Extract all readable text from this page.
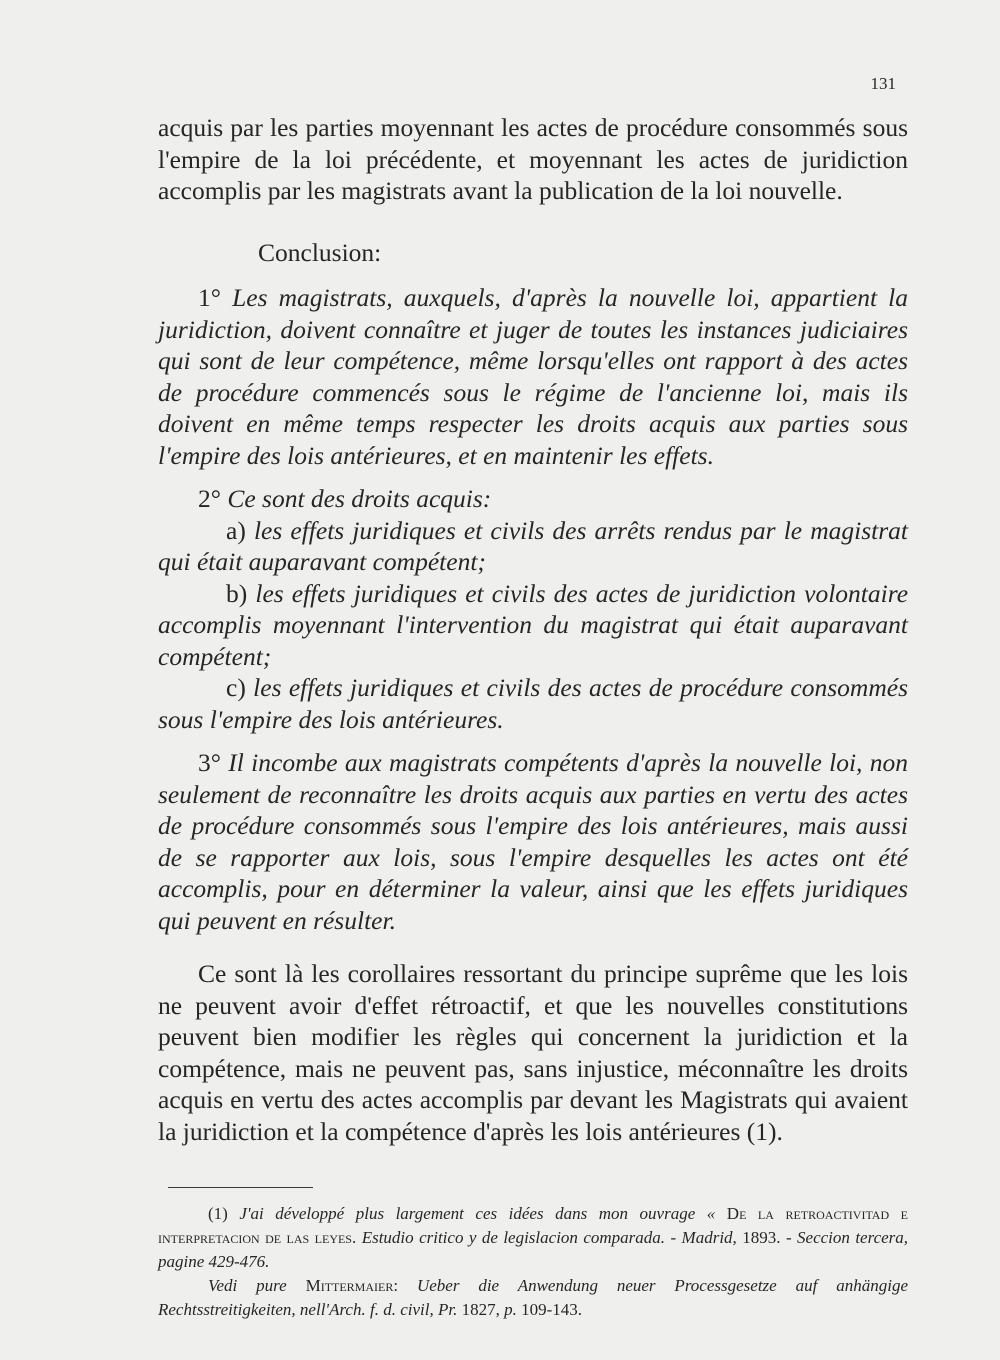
131

acquis par les parties moyennant les actes de procédure consommés sous l'empire de la loi précédente, et moyennant les actes de juridiction accomplis par les magistrats avant la publication de la loi nouvelle.

Conclusion:

1° Les magistrats, auxquels, d'après la nouvelle loi, appartient la juridiction, doivent connaître et juger de toutes les instances judiciaires qui sont de leur compétence, même lorsqu'elles ont rapport à des actes de procédure commencés sous le régime de l'ancienne loi, mais ils doivent en même temps respecter les droits acquis aux parties sous l'empire des lois antérieures, et en maintenir les effets.

2° Ce sont des droits acquis:

a) les effets juridiques et civils des arrêts rendus par le magistrat qui était auparavant compétent;

b) les effets juridiques et civils des actes de juridiction volontaire accomplis moyennant l'intervention du magistrat qui était auparavant compétent;

c) les effets juridiques et civils des actes de procédure consommés sous l'empire des lois antérieures.

3° Il incombe aux magistrats compétents d'après la nouvelle loi, non seulement de reconnaître les droits acquis aux parties en vertu des actes de procédure consommés sous l'empire des lois antérieures, mais aussi de se rapporter aux lois, sous l'empire desquelles les actes ont été accomplis, pour en déterminer la valeur, ainsi que les effets juridiques qui peuvent en résulter.

Ce sont là les corollaires ressortant du principe suprême que les lois ne peuvent avoir d'effet rétroactif, et que les nouvelles constitutions peuvent bien modifier les règles qui concernent la juridiction et la compétence, mais ne peuvent pas, sans injustice, méconnaître les droits acquis en vertu des actes accomplis par devant les Magistrats qui avaient la juridiction et la compétence d'après les lois antérieures (1).

(1) J'ai développé plus largement ces idées dans mon ouvrage « De la retroactivitad e interpretacion de las leyes. Estudio critico y de legislacion comparada. - Madrid, 1893. - Seccion tercera, pagine 429-476.

Vedi pure Mittermaier: Ueber die Anwendung neuer Processgesetze auf anhängige Rechtsstreitigkeiten, nell'Arch. f. d. civil, Pr. 1827, p. 109-143.
